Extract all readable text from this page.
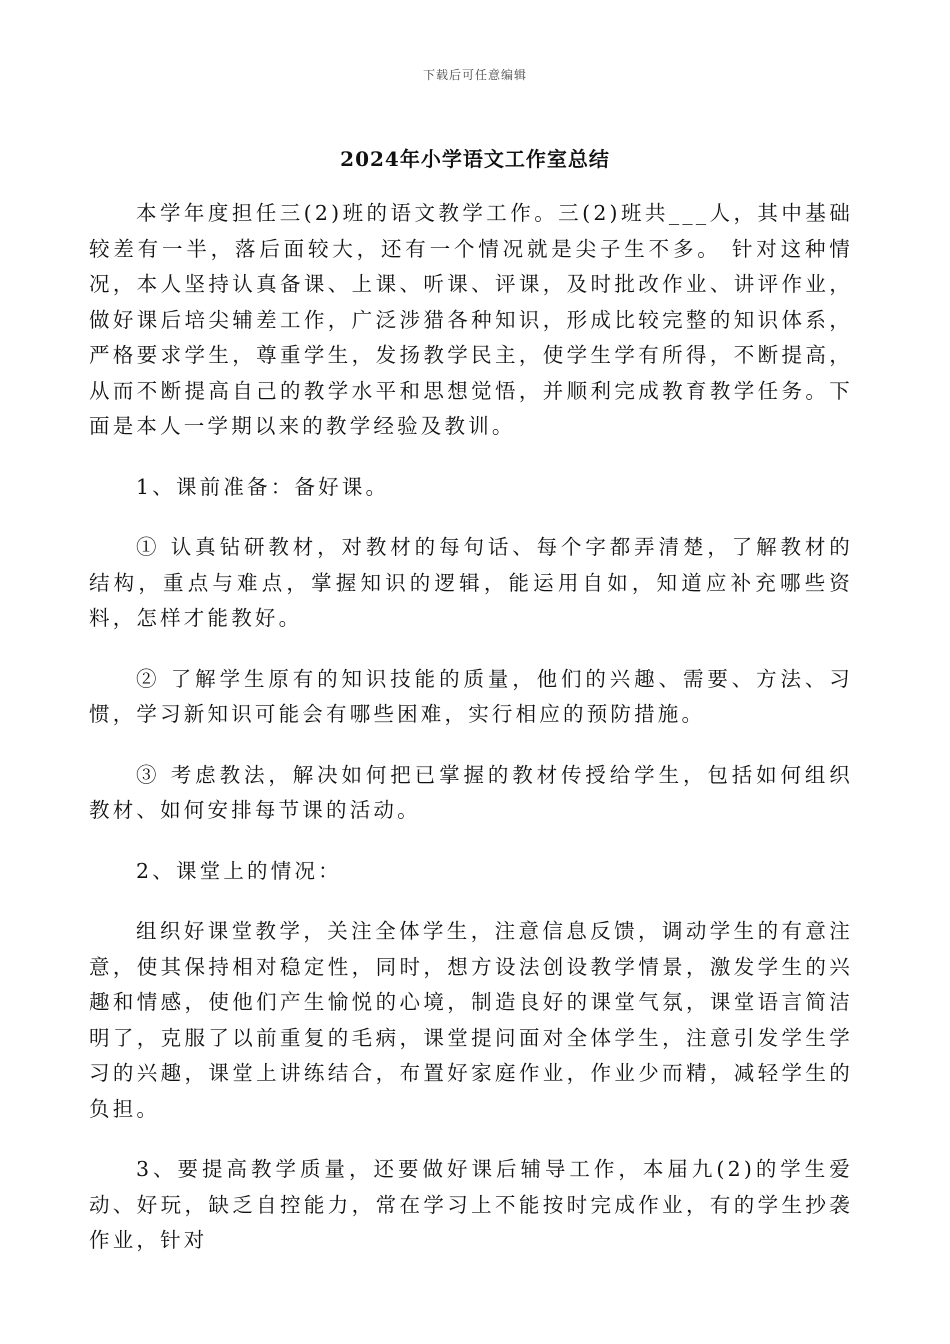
下载后可任意编辑
2024年小学语文工作室总结

本学年度担任三(2)班的语文教学工作。三(2)班共___人，其中基础较差有一半，落后面较大，还有一个情况就是尖子生不多。 针对这种情况，本人坚持认真备课、上课、听课、评课，及时批改作业、讲评作业，做好课后培尖辅差工作，广泛涉猎各种知识，形成比较完整的知识体系，严格要求学生，尊重学生，发扬教学民主，使学生学有所得，不断提高，从而不断提高自己的教学水平和思想觉悟，并顺利完成教育教学任务。下面是本人一学期以来的教学经验及教训。

1、课前准备：备好课。

① 认真钻研教材，对教材的每句话、每个字都弄清楚，了解教材的结构，重点与难点，掌握知识的逻辑，能运用自如，知道应补充哪些资料，怎样才能教好。

② 了解学生原有的知识技能的质量，他们的兴趣、需要、方法、习惯，学习新知识可能会有哪些困难，实行相应的预防措施。

③ 考虑教法，解决如何把已掌握的教材传授给学生，包括如何组织教材、如何安排每节课的活动。

2、课堂上的情况：

组织好课堂教学，关注全体学生，注意信息反馈，调动学生的有意注意，使其保持相对稳定性，同时，想方设法创设教学情景，激发学生的兴趣和情感，使他们产生愉悦的心境，制造良好的课堂气氛，课堂语言简洁明了，克服了以前重复的毛病，课堂提问面对全体学生，注意引发学生学习的兴趣，课堂上讲练结合，布置好家庭作业，作业少而精，减轻学生的负担。

3、要提高教学质量，还要做好课后辅导工作，本届九(2)的学生爱动、好玩，缺乏自控能力，常在学习上不能按时完成作业，有的学生抄袭作业，针对
